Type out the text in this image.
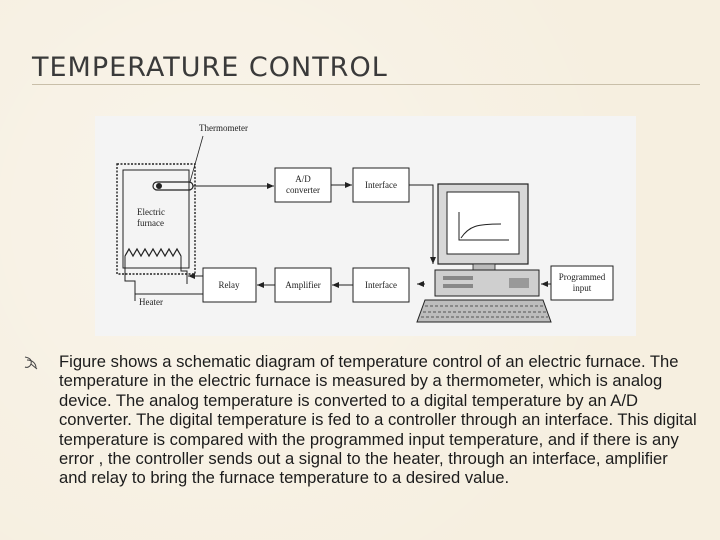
TEMPERATURE CONTROL
Electric
furnace
Heater
Thermometer
A/D
converter	Interface
Programmed
input
Interface
Amplifier
Relay
Figure shows a schematic diagram of temperature control of an electric furnace. The temperature in the electric furnace is measured by a thermometer, which is analog device. The analog temperature is converted to a digital temperature by an A/D converter. The digital temperature is fed to a controller through an interface. This digital temperature is compared with the programmed input temperature, and if there is any error , the controller sends out a signal to the heater, through an interface, amplifier and relay to bring the furnace temperature to a desired value.
